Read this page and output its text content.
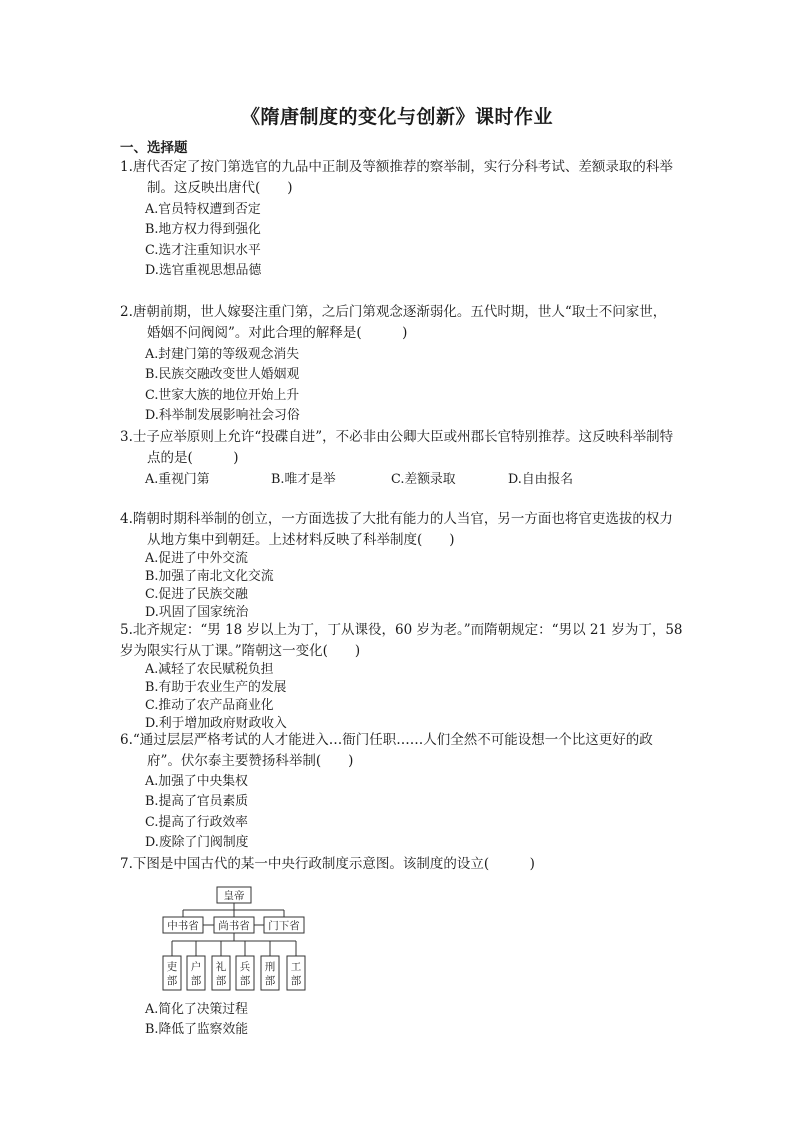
《隋唐制度的变化与创新》课时作业
一、选择题

1.唐代否定了按门第选官的九品中正制及等额推荐的察举制，实行分科考试、差额录取的科举
制。这反映出唐代(　　)

A.官员特权遭到否定
B.地方权力得到强化
C.选才注重知识水平
D.选官重视思想品德

2.唐朝前期，世人嫁娶注重门第，之后门第观念逐渐弱化。五代时期，世人“取士不问家世，
婚姻不问阀阅”。对此合理的解释是(　　　)

A.封建门第的等级观念消失
B.民族交融改变世人婚姻观
C.世家大族的地位开始上升
D.科举制发展影响社会习俗

3.士子应举原则上允许“投碟自进”，不必非由公卿大臣或州郡长官特别推荐。这反映科举制特
点的是(　　　)

A.重视门第	B.唯才是举	C.差额录取	D.自由报名

4.隋朝时期科举制的创立，一方面选拔了大批有能力的人当官，另一方面也将官吏选拔的权力
从地方集中到朝廷。上述材料反映了科举制度(　　)

A.促进了中外交流
B.加强了南北文化交流
C.促进了民族交融
D.巩固了国家统治

5.北齐规定：“男 18 岁以上为丁，丁从课役，60 岁为老。”而隋朝规定：“男以 21 岁为丁，58
岁为限实行从丁课。”隋朝这一变化(　　)

A.减轻了农民赋税负担
B.有助于农业生产的发展
C.推动了农产品商业化
D.利于增加政府财政收入

6.“通过层层严格考试的人才能进入…衙门任职……人们全然不可能设想一个比这更好的政
府”。伏尔泰主要赞扬科举制(　　)

A.加强了中央集权
B.提高了官员素质
C.提高了行政效率
D.废除了门阀制度

7.下图是中国古代的某一中央行政制度示意图。该制度的设立(　　　)

皇帝
中书省 尚书省 门下省
吏部
户部
礼部
兵部
刑部
工部
A.简化了决策过程
B.降低了监察效能
